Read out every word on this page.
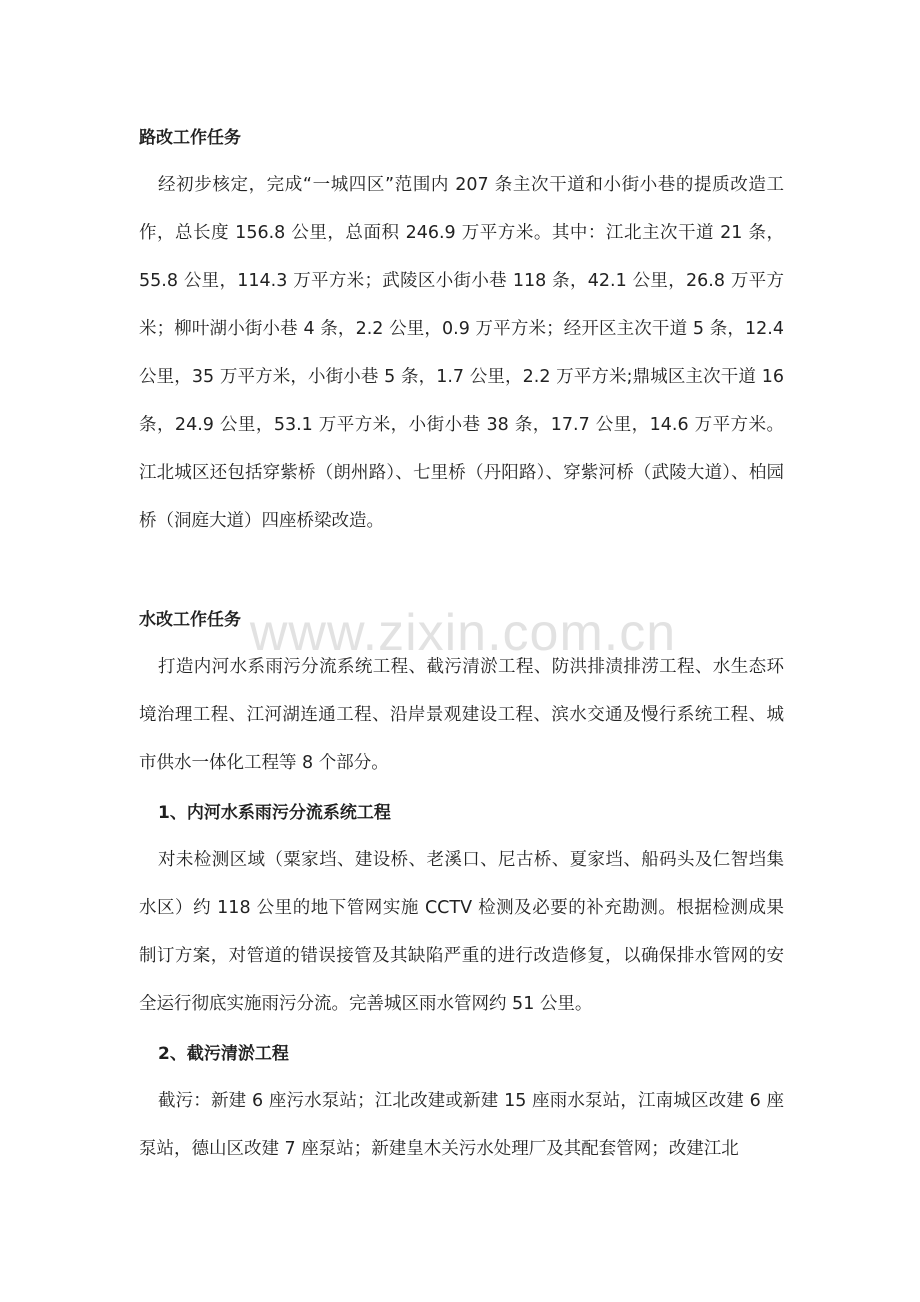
路改工作任务

经初步核定，完成“一城四区”范围内 207 条主次干道和小街小巷的提质改造工作，总长度 156.8 公里，总面积 246.9 万平方米。其中：江北主次干道 21 条，55.8 公里，114.3 万平方米；武陵区小街小巷 118 条，42.1 公里，26.8 万平方米；柳叶湖小街小巷 4 条，2.2 公里，0.9 万平方米；经开区主次干道 5 条，12.4 公里，35 万平方米，小街小巷 5 条，1.7 公里，2.2 万平方米;鼎城区主次干道 16 条，24.9 公里，53.1 万平方米，小街小巷 38 条，17.7 公里，14.6 万平方米。江北城区还包括穿紫桥（朗州路）、七里桥（丹阳路）、穿紫河桥（武陵大道）、柏园桥（洞庭大道）四座桥梁改造。

水改工作任务

打造内河水系雨污分流系统工程、截污清淤工程、防洪排渍排涝工程、水生态环境治理工程、江河湖连通工程、沿岸景观建设工程、滨水交通及慢行系统工程、城市供水一体化工程等 8 个部分。

1、内河水系雨污分流系统工程

对未检测区域（粟家垱、建设桥、老溪口、尼古桥、夏家垱、船码头及仁智垱集水区）约 118 公里的地下管网实施 CCTV 检测及必要的补充勘测。根据检测成果制订方案，对管道的错误接管及其缺陷严重的进行改造修复，以确保排水管网的安全运行彻底实施雨污分流。完善城区雨水管网约 51 公里。

2、截污清淤工程

截污：新建 6 座污水泵站；江北改建或新建 15 座雨水泵站，江南城区改建 6 座泵站，德山区改建 7 座泵站；新建皇木关污水处理厂及其配套管网；改建江北

www.zixin.com.cn
